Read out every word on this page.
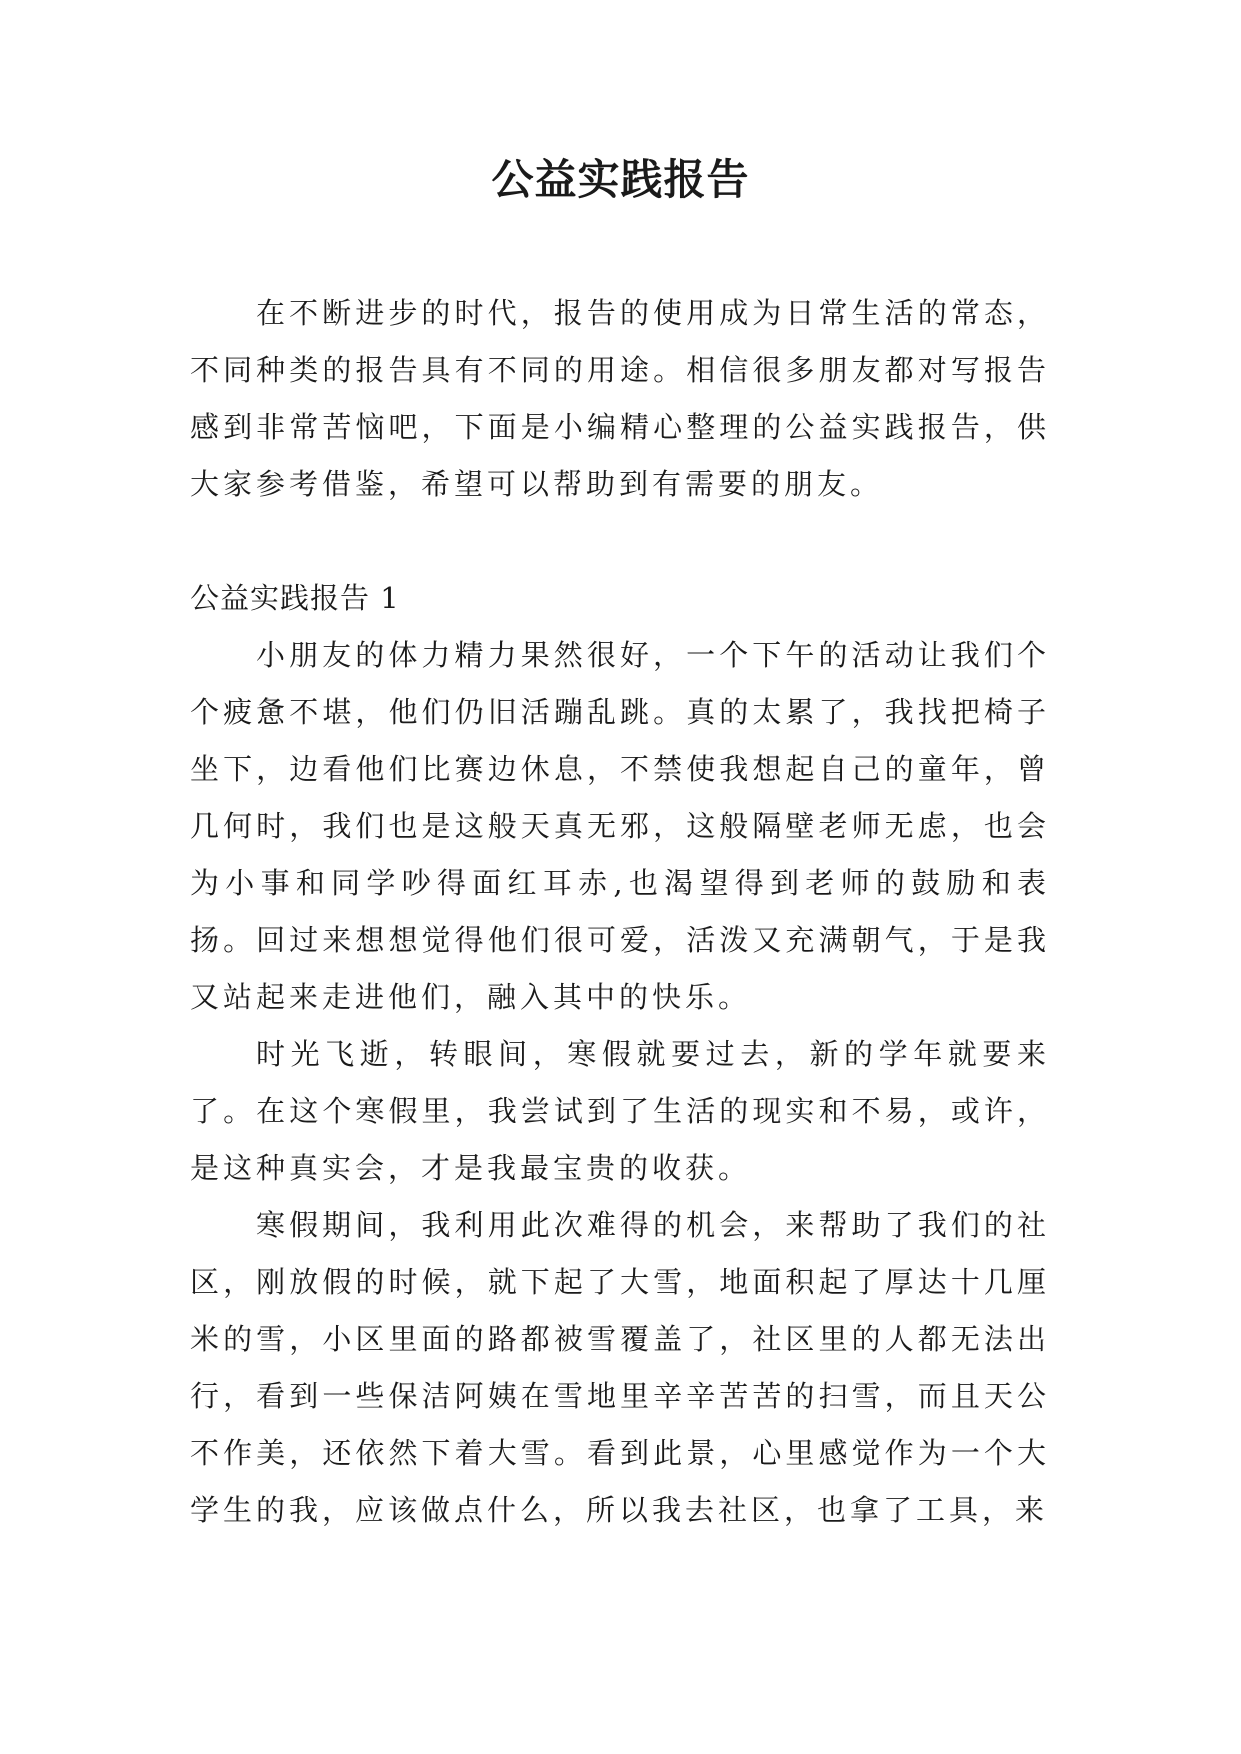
公益实践报告

在不断进步的时代，报告的使用成为日常生活的常态，不同种类的报告具有不同的用途。相信很多朋友都对写报告感到非常苦恼吧，下面是小编精心整理的公益实践报告，供大家参考借鉴，希望可以帮助到有需要的朋友。

公益实践报告 1

小朋友的体力精力果然很好，一个下午的活动让我们个个疲惫不堪，他们仍旧活蹦乱跳。真的太累了，我找把椅子坐下，边看他们比赛边休息，不禁使我想起自己的童年，曾几何时，我们也是这般天真无邪，这般隔壁老师无虑，也会为小事和同学吵得面红耳赤,也渴望得到老师的鼓励和表扬。回过来想想觉得他们很可爱，活泼又充满朝气，于是我又站起来走进他们，融入其中的快乐。

时光飞逝，转眼间，寒假就要过去，新的学年就要来了。在这个寒假里，我尝试到了生活的现实和不易，或许，是这种真实会，才是我最宝贵的收获。

寒假期间，我利用此次难得的机会，来帮助了我们的社区，刚放假的时候，就下起了大雪，地面积起了厚达十几厘米的雪，小区里面的路都被雪覆盖了，社区里的人都无法出行，看到一些保洁阿姨在雪地里辛辛苦苦的扫雪，而且天公不作美，还依然下着大雪。看到此景，心里感觉作为一个大学生的我，应该做点什么，所以我去社区，也拿了工具，来
